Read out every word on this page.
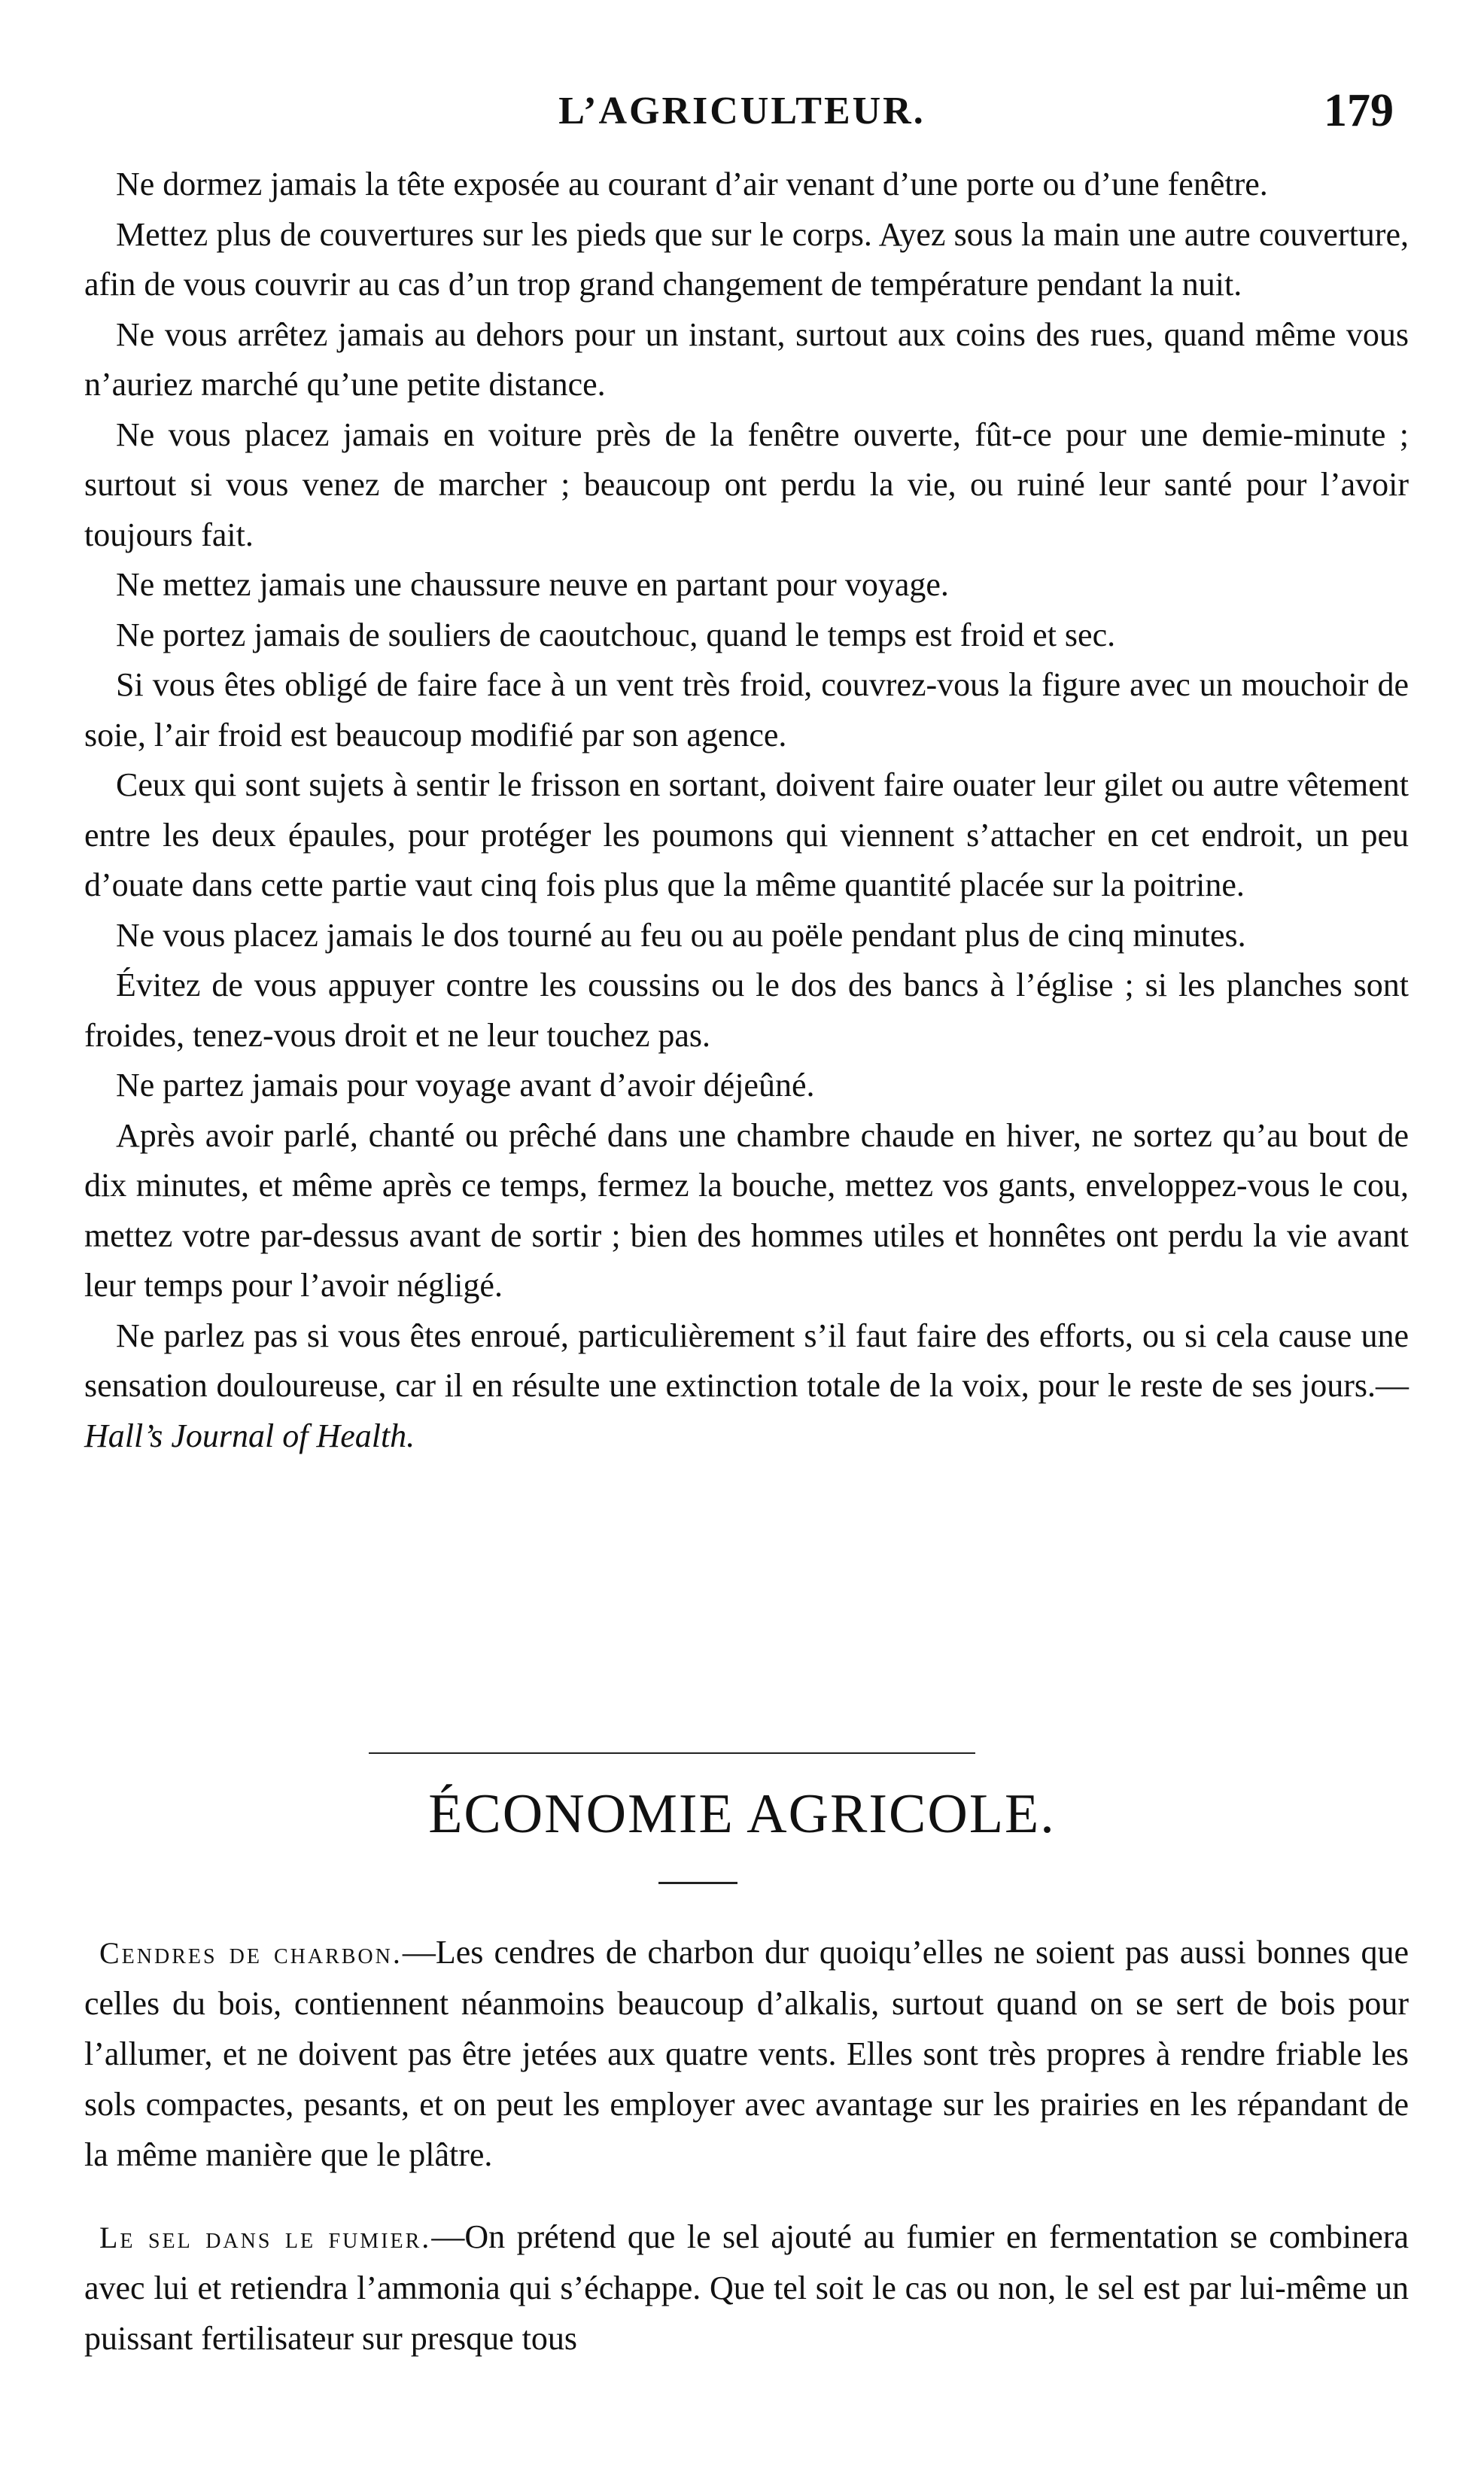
L’AGRICULTEUR.	179

Ne dormez jamais la tête exposée au courant d’air venant d’une porte ou d’une fenêtre.

Mettez plus de couvertures sur les pieds que sur le corps. Ayez sous la main une autre couverture, afin de vous couvrir au cas d’un trop grand changement de température pendant la nuit.

Ne vous arrêtez jamais au dehors pour un instant, surtout aux coins des rues, quand même vous n’auriez marché qu’une petite distance.

Ne vous placez jamais en voiture près de la fenêtre ouverte, fût-ce pour une demie-minute ; surtout si vous venez de marcher ; beaucoup ont perdu la vie, ou ruiné leur santé pour l’avoir toujours fait.

Ne mettez jamais une chaussure neuve en partant pour voyage.

Ne portez jamais de souliers de caoutchouc, quand le temps est froid et sec.

Si vous êtes obligé de faire face à un vent très froid, couvrez-vous la figure avec un mouchoir de soie, l’air froid est beaucoup modifié par son agence.

Ceux qui sont sujets à sentir le frisson en sortant, doivent faire ouater leur gilet ou autre vêtement entre les deux épaules, pour protéger les poumons qui viennent s’attacher en cet endroit, un peu d’ouate dans cette partie vaut cinq fois plus que la même quantité placée sur la poitrine.

Ne vous placez jamais le dos tourné au feu ou au poële pendant plus de cinq minutes.

Évitez de vous appuyer contre les coussins ou le dos des bancs à l’église ; si les planches sont froides, tenez-vous droit et ne leur touchez pas.

Ne partez jamais pour voyage avant d’avoir déjeûné.

Après avoir parlé, chanté ou prêché dans une chambre chaude en hiver, ne sortez qu’au bout de dix minutes, et même après ce temps, fermez la bouche, mettez vos gants, enveloppez-vous le cou, mettez votre par-dessus avant de sortir ; bien des hommes utiles et honnêtes ont perdu la vie avant leur temps pour l’avoir négligé.

Ne parlez pas si vous êtes enroué, particulièrement s’il faut faire des efforts, ou si cela cause une sensation douloureuse, car il en résulte une extinction totale de la voix, pour le reste de ses jours.—Hall’s Journal of Health.

ÉCONOMIE AGRICOLE.

Cendres de charbon.—Les cendres de charbon dur quoiqu’elles ne soient pas aussi bonnes que celles du bois, contiennent néanmoins beaucoup d’alkalis, surtout quand on se sert de bois pour l’allumer, et ne doivent pas être jetées aux quatre vents. Elles sont très propres à rendre friable les sols compactes, pesants, et on peut les employer avec avantage sur les prairies en les répandant de la même manière que le plâtre.

Le sel dans le fumier.—On prétend que le sel ajouté au fumier en fermentation se combinera avec lui et retiendra l’ammonia qui s’échappe. Que tel soit le cas ou non, le sel est par lui-même un puissant fertilisateur sur presque tous
